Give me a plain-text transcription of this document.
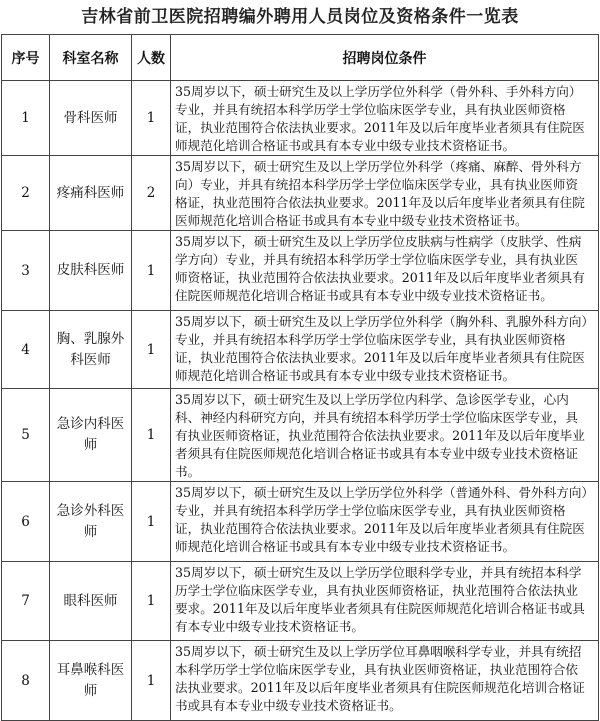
吉林省前卫医院招聘编外聘用人员岗位及资格条件一览表
序号	科室名称	人数	招聘岗位条件
1	骨科医师	1	35周岁以下，硕士研究生及以上学历学位外科学（骨外科、手外科方向）专业，并具有统招本科学历学士学位临床医学专业，具有执业医师资格证，执业范围符合依法执业要求。2011年及以后年度毕业者须具有住院医师规范化培训合格证书或具有本专业中级专业技术资格证书。
2	疼痛科医师	2	35周岁以下，硕士研究生及以上学历学位外科学（疼痛、麻醉、骨外科方向）专业，并具有统招本科学历学士学位临床医学专业，具有执业医师资格证，执业范围符合依法执业要求。2011年及以后年度毕业者须具有住院医师规范化培训合格证书或具有本专业中级专业技术资格证书。
3	皮肤科医师	1	35周岁以下，硕士研究生及以上学历学位皮肤病与性病学（皮肤学、性病学方向）专业，并具有统招本科学历学士学位临床医学专业，具有执业医师资格证，执业范围符合依法执业要求。2011年及以后年度毕业者须具有住院医师规范化培训合格证书或具有本专业中级专业技术资格证书。
4	胸、乳腺外科医师	1	35周岁以下，硕士研究生及以上学历学位外科学（胸外科、乳腺外科方向）专业，并具有统招本科学历学士学位临床医学专业，具有执业医师资格证，执业范围符合依法执业要求。2011年及以后年度毕业者须具有住院医师规范化培训合格证书或具有本专业中级专业技术资格证书。
5	急诊内科医师	1	35周岁以下，硕士研究生及以上学历学位内科学、急诊医学专业，心内科、神经内科研究方向，并具有统招本科学历学士学位临床医学专业，具有执业医师资格证，执业范围符合依法执业要求。2011年及以后年度毕业者须具有住院医师规范化培训合格证书或具有本专业中级专业技术资格证书。
6	急诊外科医师	1	35周岁以下，硕士研究生及以上学历学位外科学（普通外科、骨外科方向）专业，并具有统招本科学历学士学位临床医学专业，具有执业医师资格证，执业范围符合依法执业要求。2011年及以后年度毕业者须具有住院医师规范化培训合格证书或具有本专业中级专业技术资格证书。
7	眼科医师	1	35周岁以下，硕士研究生及以上学历学位眼科学专业，并具有统招本科学历学士学位临床医学专业，具有执业医师资格证，执业范围符合依法执业要求。2011年及以后年度毕业者须具有住院医师规范化培训合格证书或具有本专业中级专业技术资格证书。
8	耳鼻喉科医师	1	35周岁以下，硕士研究生及以上学历学位耳鼻咽喉科学专业，并具有统招本科学历学士学位临床医学专业，具有执业医师资格证，执业范围符合依法执业要求。2011年及以后年度毕业者须具有住院医师规范化培训合格证书或具有本专业中级专业技术资格证书。
